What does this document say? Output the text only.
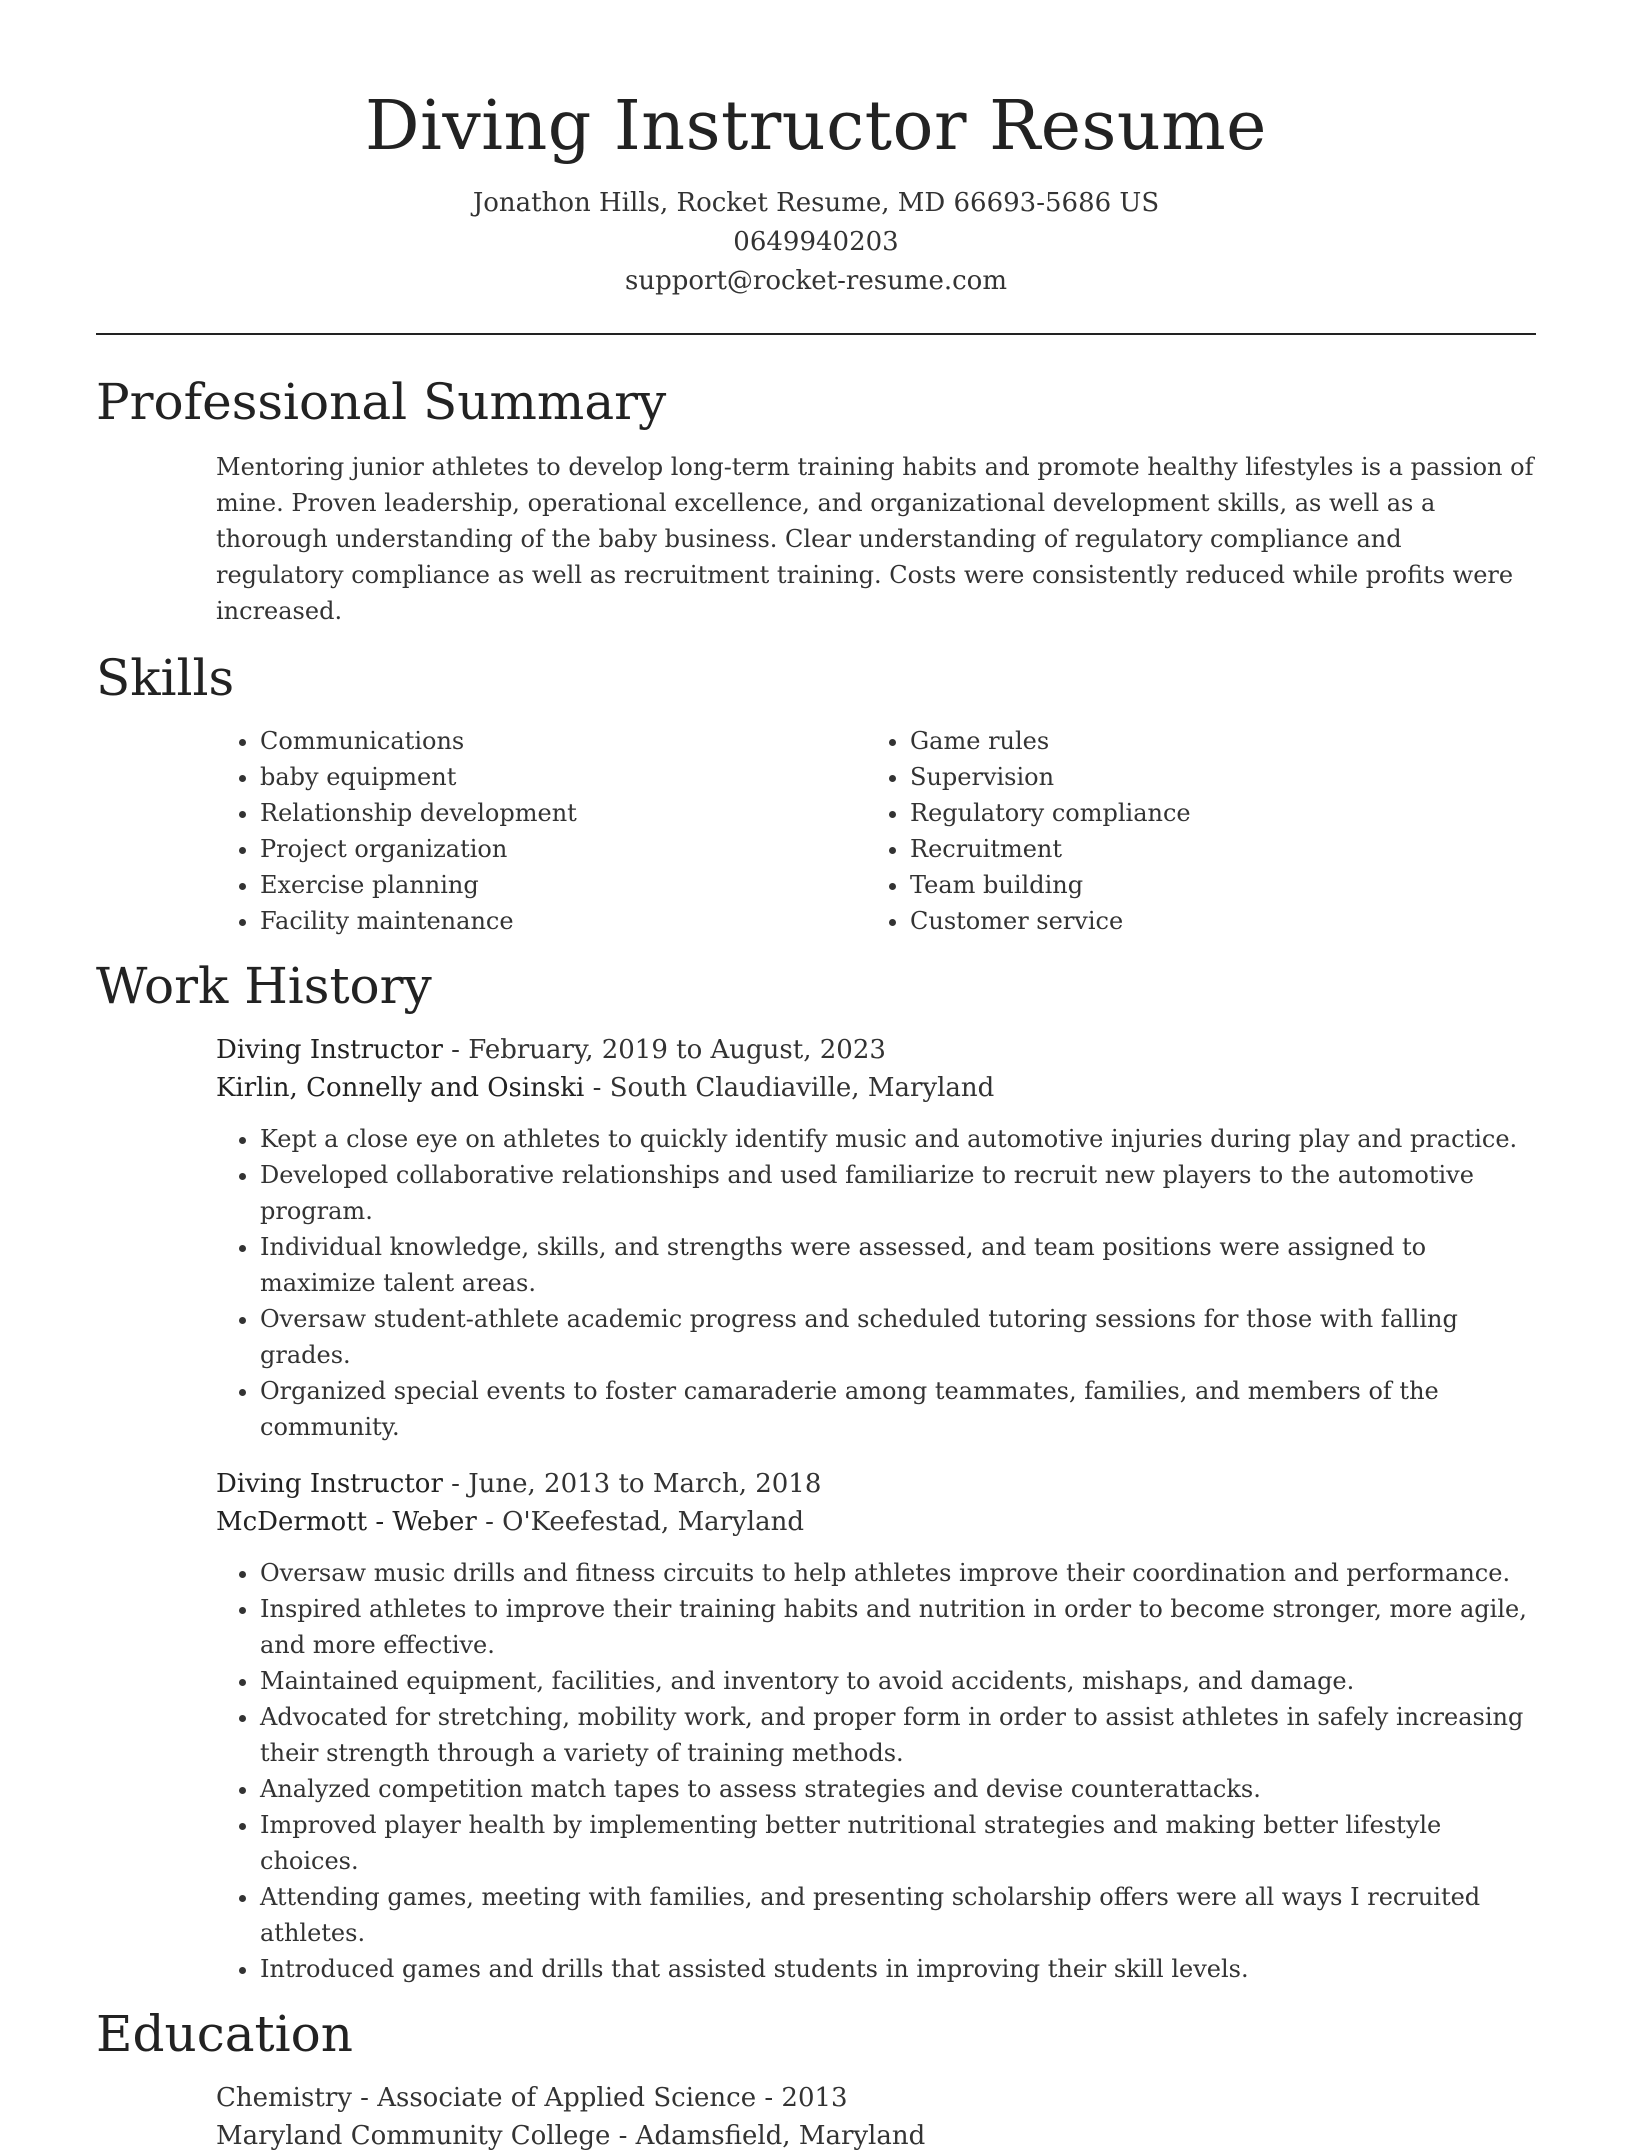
Diving Instructor Resume
Jonathon Hills, Rocket Resume, MD 66693-5686 US
0649940203
support@rocket-resume.com
Professional Summary

Mentoring junior athletes to develop long-term training habits and promote healthy lifestyles is a passion of mine. Proven leadership, operational excellence, and organizational development skills, as well as a thorough understanding of the baby business. Clear understanding of regulatory compliance and regulatory compliance as well as recruitment training. Costs were consistently reduced while profits were increased.

Skills
• Communications
• baby equipment
• Relationship development
• Project organization
• Exercise planning
• Facility maintenance
• Game rules
• Supervision
• Regulatory compliance
• Recruitment
• Team building
• Customer service
Work History
Diving Instructor - February, 2019 to August, 2023
Kirlin, Connelly and Osinski - South Claudiaville, Maryland
• Kept a close eye on athletes to quickly identify music and automotive injuries during play and practice.
• Developed collaborative relationships and used familiarize to recruit new players to the automotive program.
• Individual knowledge, skills, and strengths were assessed, and team positions were assigned to maximize talent areas.
• Oversaw student-athlete academic progress and scheduled tutoring sessions for those with falling grades.
• Organized special events to foster camaraderie among teammates, families, and members of the community.
Diving Instructor - June, 2013 to March, 2018
McDermott - Weber - O'Keefestad, Maryland
• Oversaw music drills and fitness circuits to help athletes improve their coordination and performance.
• Inspired athletes to improve their training habits and nutrition in order to become stronger, more agile, and more effective.
• Maintained equipment, facilities, and inventory to avoid accidents, mishaps, and damage.
• Advocated for stretching, mobility work, and proper form in order to assist athletes in safely increasing their strength through a variety of training methods.
• Analyzed competition match tapes to assess strategies and devise counterattacks.
• Improved player health by implementing better nutritional strategies and making better lifestyle choices.
• Attending games, meeting with families, and presenting scholarship offers were all ways I recruited athletes.
• Introduced games and drills that assisted students in improving their skill levels.
Education
Chemistry - Associate of Applied Science - 2013
Maryland Community College - Adamsfield, Maryland
